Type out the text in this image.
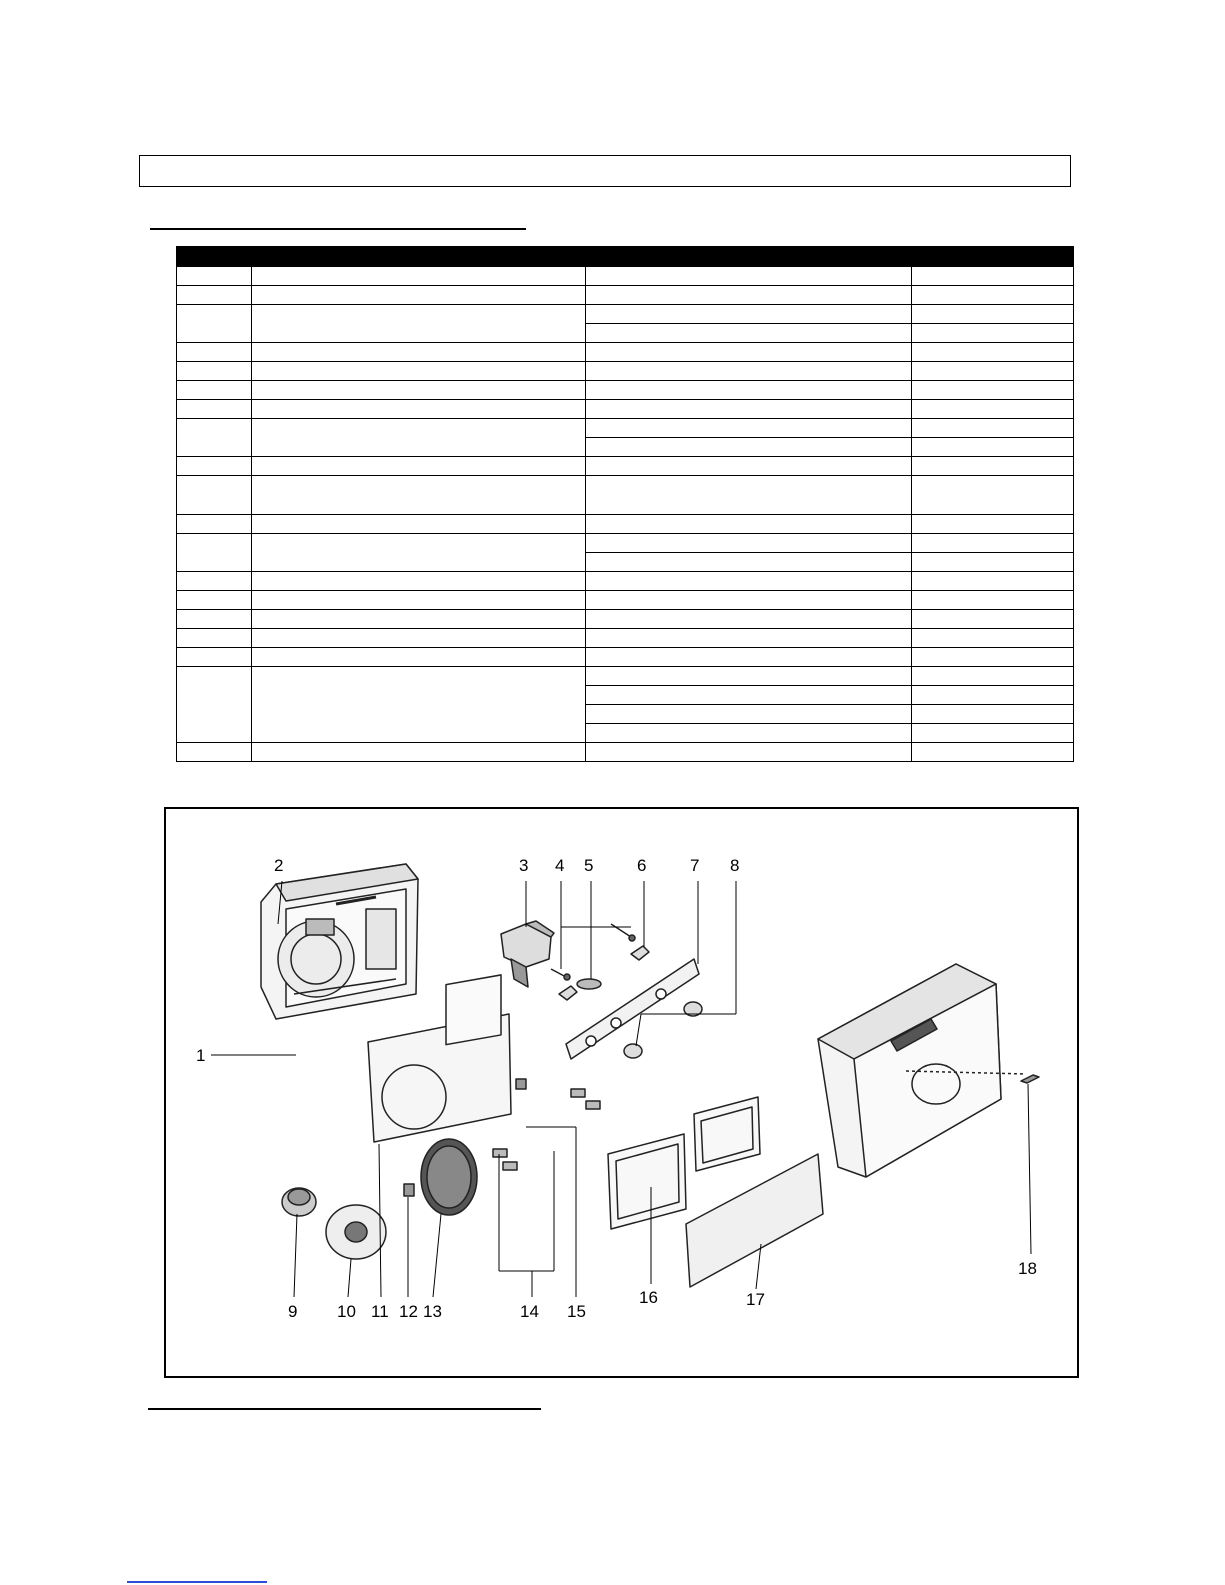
1
2	3 4 5	6	7 8
9 10 11 12 13	14 15
16	17
18
